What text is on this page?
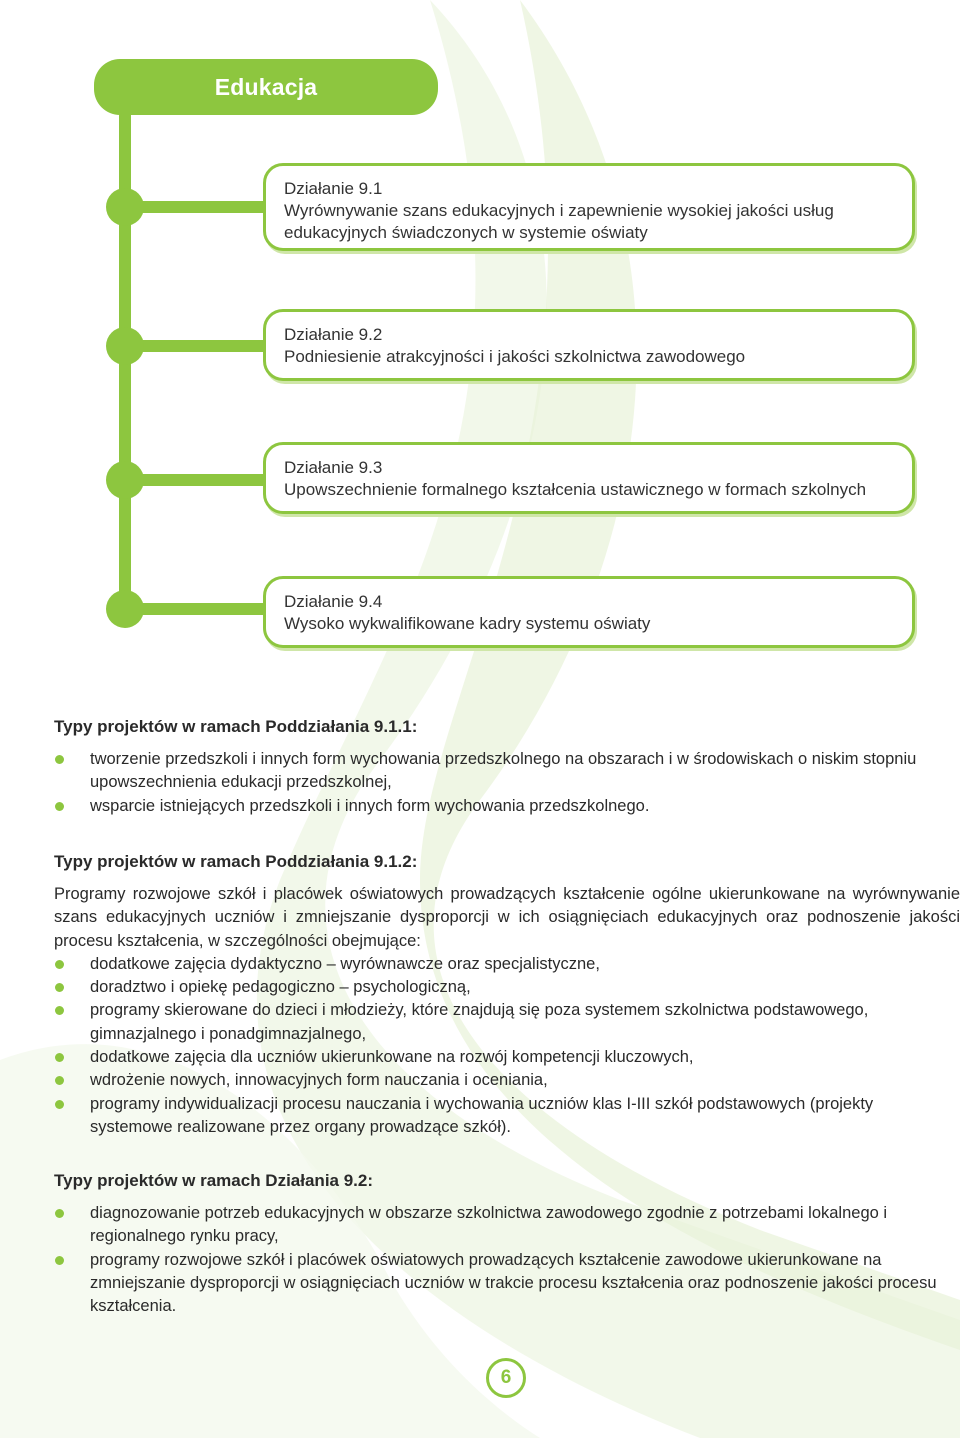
Edukacja
Działanie 9.1
Wyrównywanie szans edukacyjnych i zapewnienie wysokiej jakości usług
edukacyjnych świadczonych w systemie oświaty
Działanie 9.2
Podniesienie atrakcyjności i jakości szkolnictwa zawodowego
Działanie 9.3
Upowszechnienie formalnego kształcenia ustawicznego w formach szkolnych
Działanie 9.4
Wysoko wykwalifikowane kadry systemu oświaty
Typy projektów w ramach Poddziałania 9.1.1:
tworzenie przedszkoli i innych form wychowania przedszkolnego na obszarach i w środowiskach o niskim stopniu upowszechnienia edukacji przedszkolnej,
wsparcie istniejących przedszkoli i innych form wychowania przedszkolnego.
Typy projektów w ramach Poddziałania 9.1.2:
Programy rozwojowe szkół i placówek oświatowych prowadzących kształcenie ogólne ukierunkowane na wyrównywanie szans edukacyjnych uczniów i zmniejszanie dysproporcji w ich osiągnięciach edukacyjnych oraz podnoszenie jakości procesu kształcenia, w szczególności obejmujące:
dodatkowe zajęcia dydaktyczno – wyrównawcze oraz specjalistyczne,
doradztwo i opiekę pedagogiczno – psychologiczną,
programy skierowane do dzieci i młodzieży, które znajdują się poza systemem szkolnictwa podstawowego, gimnazjalnego i ponadgimnazjalnego,
dodatkowe zajęcia dla uczniów ukierunkowane na rozwój kompetencji kluczowych,
wdrożenie nowych, innowacyjnych form nauczania i oceniania,
programy indywidualizacji procesu nauczania i wychowania uczniów klas I-III szkół podstawowych (projekty systemowe realizowane przez organy prowadzące szkół).
Typy projektów w ramach Działania 9.2:
diagnozowanie potrzeb edukacyjnych w obszarze szkolnictwa zawodowego zgodnie z potrzebami lokalnego i regionalnego rynku pracy,
programy rozwojowe szkół i placówek oświatowych prowadzących kształcenie zawodowe ukierunkowane na zmniejszanie dysproporcji w osiągnięciach uczniów w trakcie procesu kształcenia oraz podnoszenie jakości procesu kształcenia.
6
